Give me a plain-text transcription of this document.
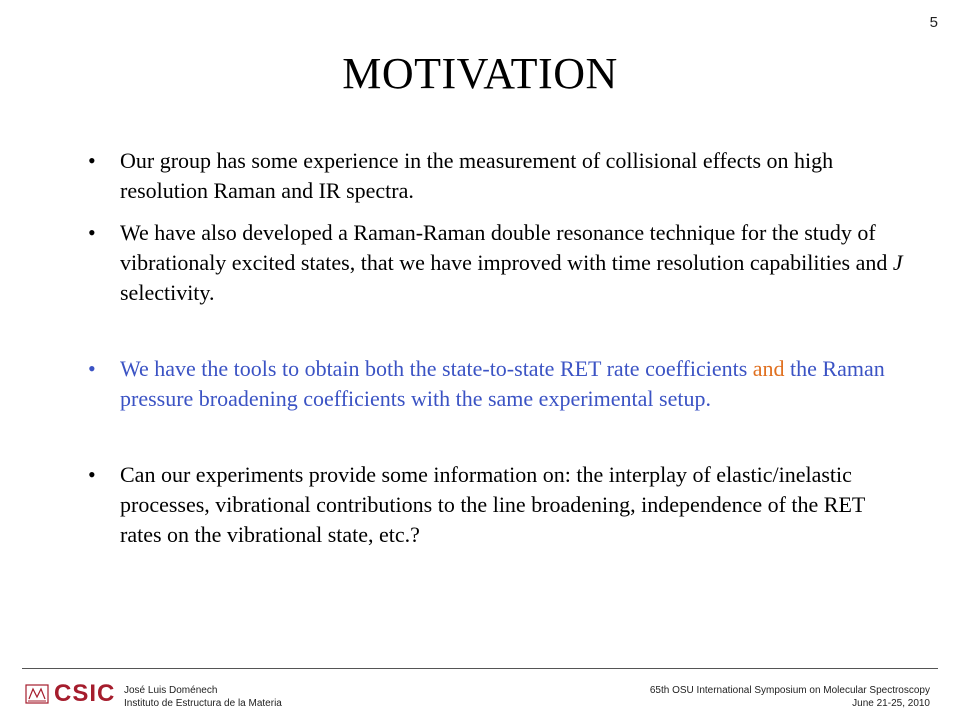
5
MOTIVATION
• Our group has some experience in the measurement of collisional effects on high resolution Raman and IR spectra.
• We have also developed a Raman-Raman double resonance technique for the study of vibrationaly excited states, that we have improved with time resolution capabilities and J selectivity.
• We have the tools to obtain both the state-to-state RET rate coefficients and the Raman pressure broadening coefficients with the same experimental setup.
• Can our experiments provide some information on: the interplay of elastic/inelastic processes, vibrational contributions to the line broadening, independence of the RET rates on the vibrational state, etc.?
CSIC José Luis Doménech
Instituto de Estructura de la Materia
65th OSU International Symposium on Molecular Spectroscopy
June 21-25, 2010
